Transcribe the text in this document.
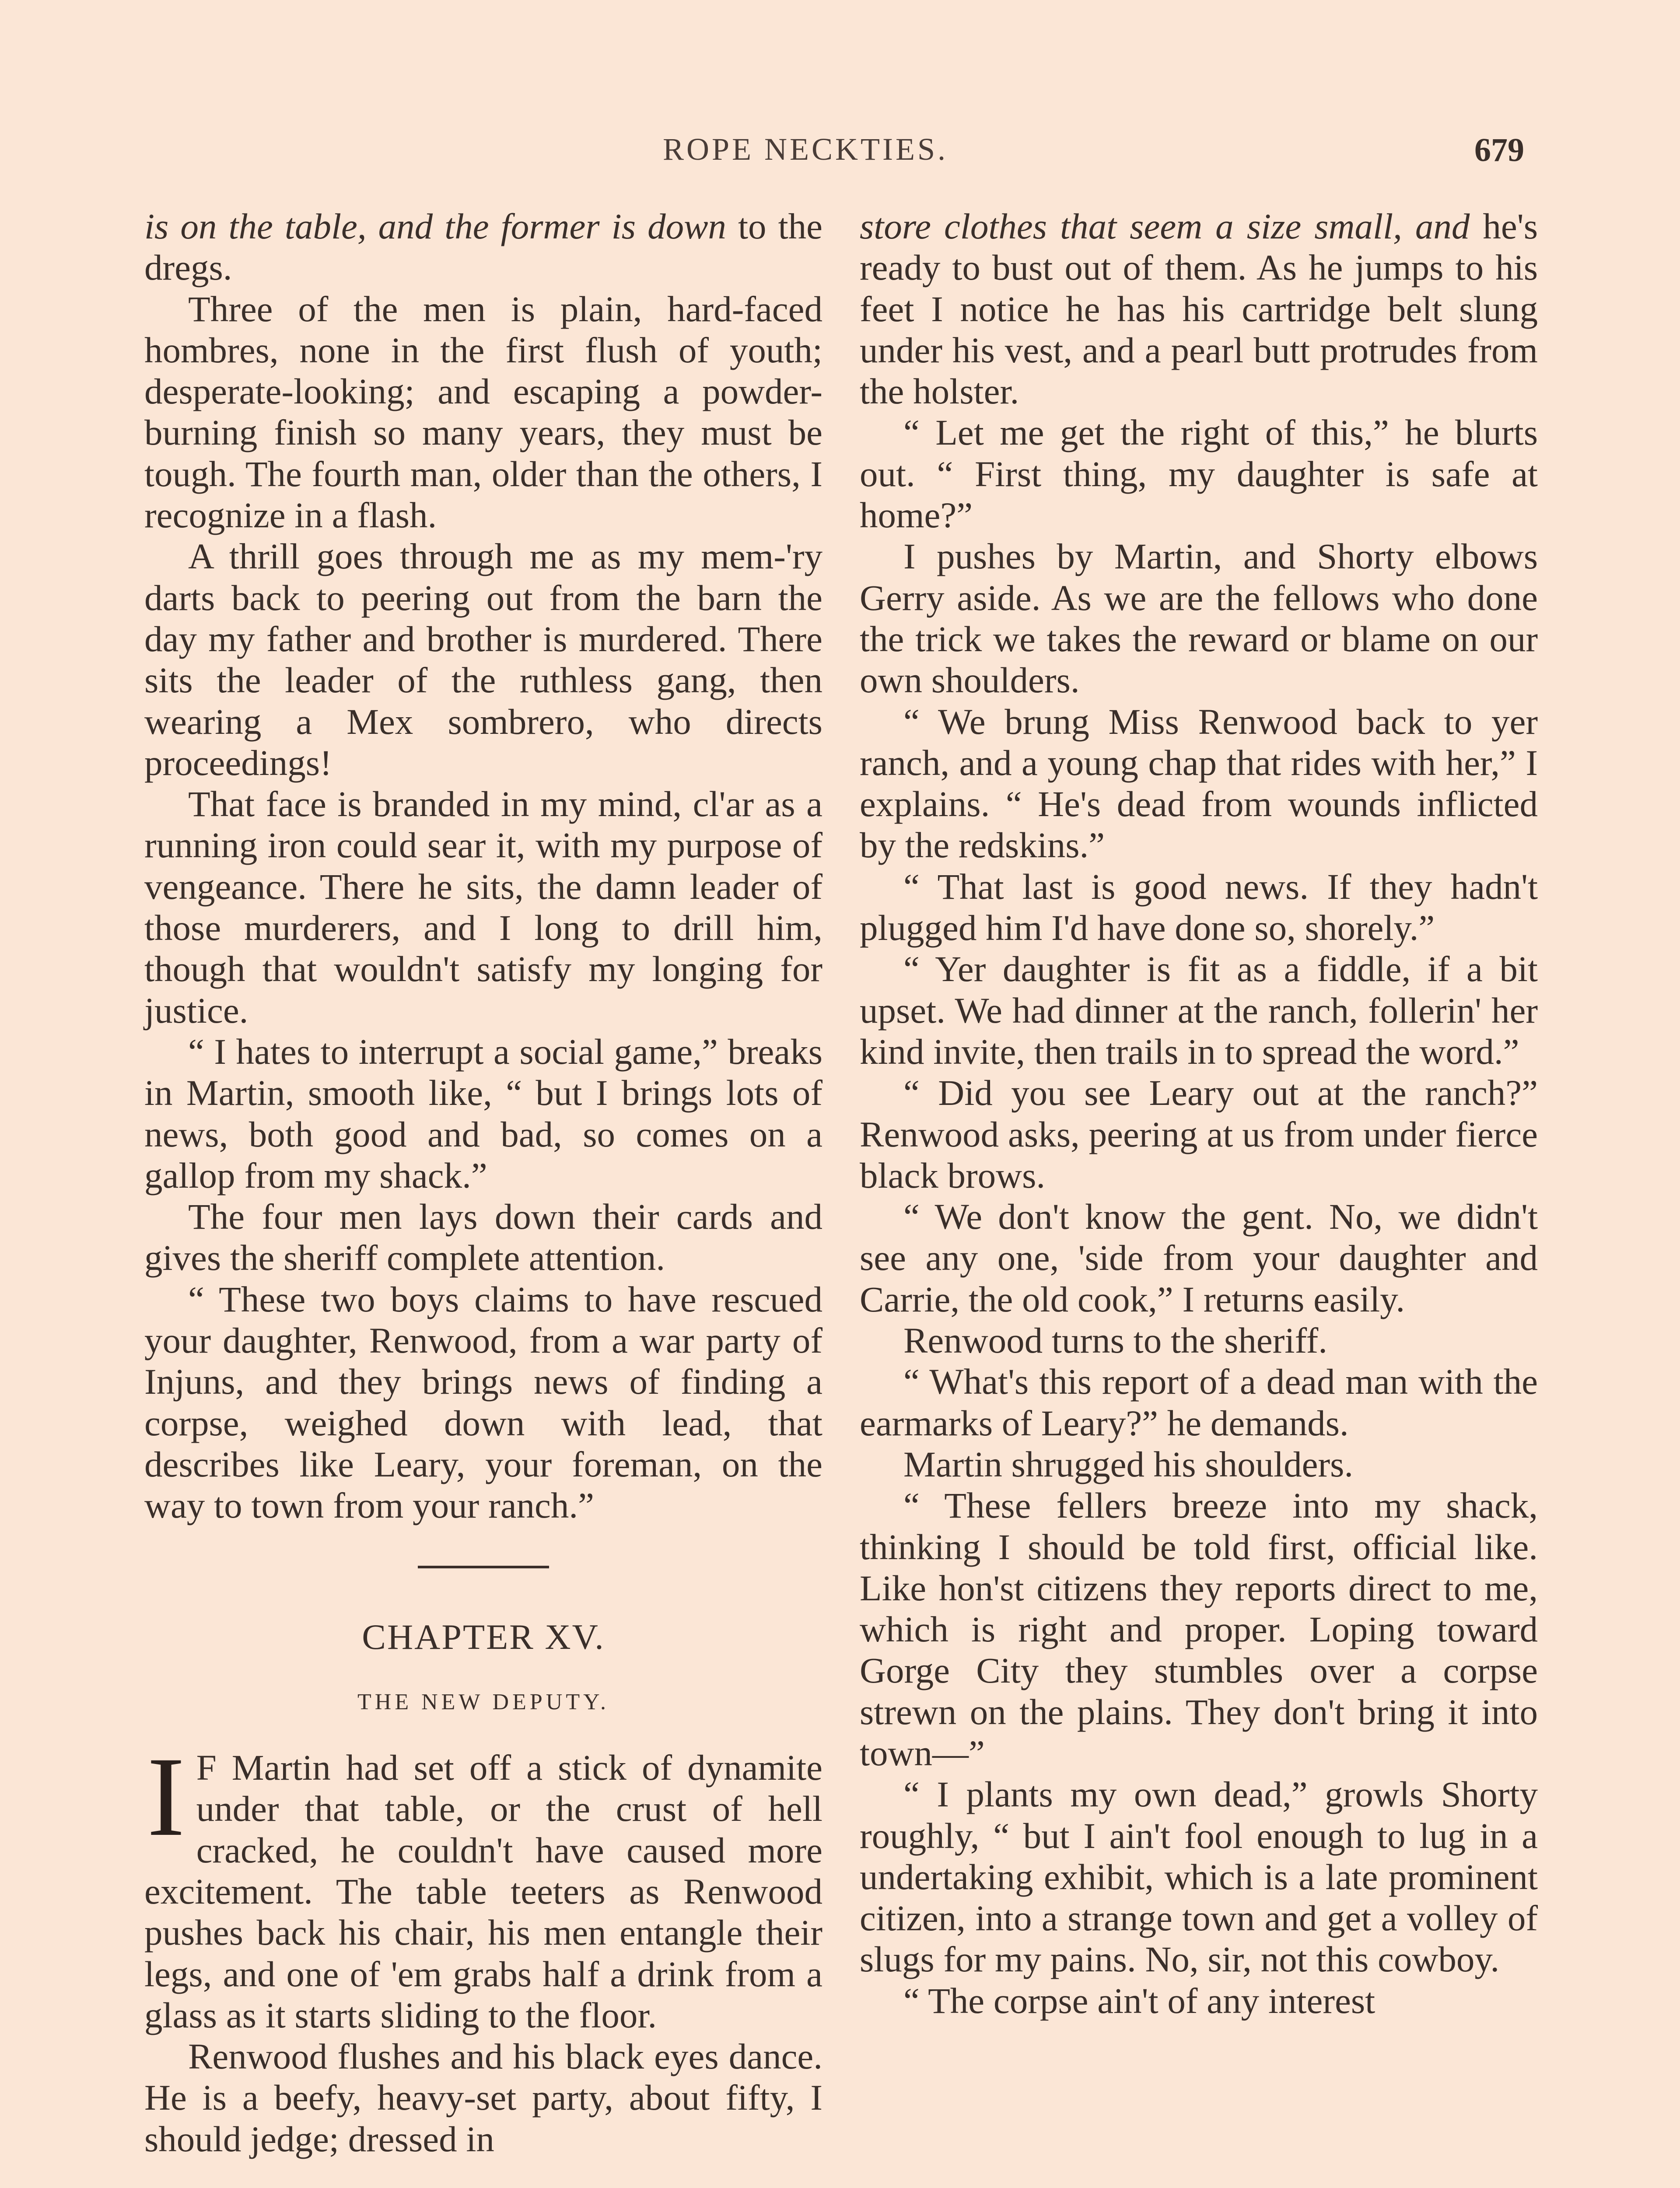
ROPE NECKTIES.	679

is on the table, and the former is down to the dregs.

Three of the men is plain, hard-faced hombres, none in the first flush of youth; desperate-looking; and escaping a powder-burning finish so many years, they must be tough. The fourth man, older than the others, I recognize in a flash.

A thrill goes through me as my mem-'ry darts back to peering out from the barn the day my father and brother is murdered. There sits the leader of the ruthless gang, then wearing a Mex sombrero, who directs proceedings!

That face is branded in my mind, cl'ar as a running iron could sear it, with my purpose of vengeance. There he sits, the damn leader of those murderers, and I long to drill him, though that wouldn't satisfy my longing for justice.

“ I hates to interrupt a social game,” breaks in Martin, smooth like, “ but I brings lots of news, both good and bad, so comes on a gallop from my shack.”

The four men lays down their cards and gives the sheriff complete attention.

“ These two boys claims to have rescued your daughter, Renwood, from a war party of Injuns, and they brings news of finding a corpse, weighed down with lead, that describes like Leary, your foreman, on the way to town from your ranch.”

CHAPTER XV.
THE NEW DEPUTY.

I F Martin had set off a stick of dynamite under that table, or the crust of hell cracked, he couldn't have caused more excitement. The table teeters as Renwood pushes back his chair, his men entangle their legs, and one of 'em grabs half a drink from a glass as it starts sliding to the floor.

Renwood flushes and his black eyes dance. He is a beefy, heavy-set party, about fifty, I should jedge; dressed in

store clothes that seem a size small, and he's ready to bust out of them. As he jumps to his feet I notice he has his cartridge belt slung under his vest, and a pearl butt protrudes from the holster.

“ Let me get the right of this,” he blurts out. “ First thing, my daughter is safe at home?”

I pushes by Martin, and Shorty elbows Gerry aside. As we are the fellows who done the trick we takes the reward or blame on our own shoulders.

“ We brung Miss Renwood back to yer ranch, and a young chap that rides with her,” I explains. “ He's dead from wounds inflicted by the redskins.”

“ That last is good news. If they hadn't plugged him I'd have done so, shorely.”

“ Yer daughter is fit as a fiddle, if a bit upset. We had dinner at the ranch, follerin' her kind invite, then trails in to spread the word.”

“ Did you see Leary out at the ranch?” Renwood asks, peering at us from under fierce black brows.

“ We don't know the gent. No, we didn't see any one, 'side from your daughter and Carrie, the old cook,” I returns easily.

Renwood turns to the sheriff.

“ What's this report of a dead man with the earmarks of Leary?” he demands.

Martin shrugged his shoulders.

“ These fellers breeze into my shack, thinking I should be told first, official like. Like hon'st citizens they reports direct to me, which is right and proper. Loping toward Gorge City they stumbles over a corpse strewn on the plains. They don't bring it into town—”

“ I plants my own dead,” growls Shorty roughly, “ but I ain't fool enough to lug in a undertaking exhibit, which is a late prominent citizen, into a strange town and get a volley of slugs for my pains. No, sir, not this cowboy.

“ The corpse ain't of any interest
